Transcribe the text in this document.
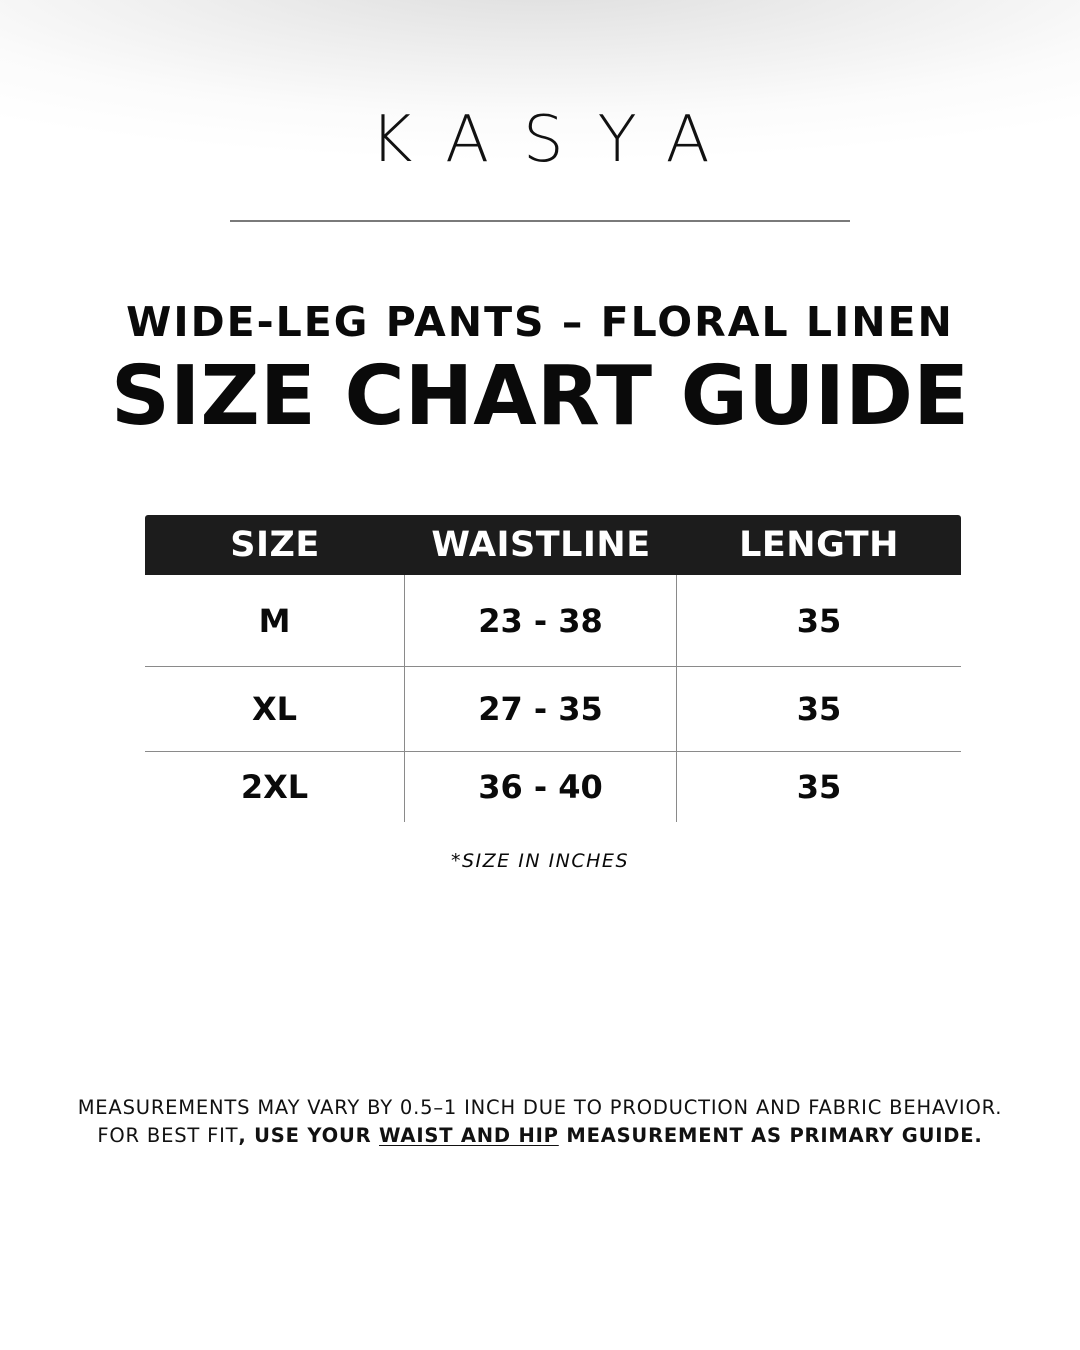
KASYA
WIDE-LEG PANTS – FLORAL LINEN
SIZE CHART GUIDE
SIZE	WAISTLINE	LENGTH
M	23 - 38	35
XL	27 - 35	35
2XL	36 - 40	35
*SIZE IN INCHES
MEASUREMENTS MAY VARY BY 0.5–1 INCH DUE TO PRODUCTION AND FABRIC BEHAVIOR.
FOR BEST FIT, USE YOUR WAIST AND HIP MEASUREMENT AS PRIMARY GUIDE.
